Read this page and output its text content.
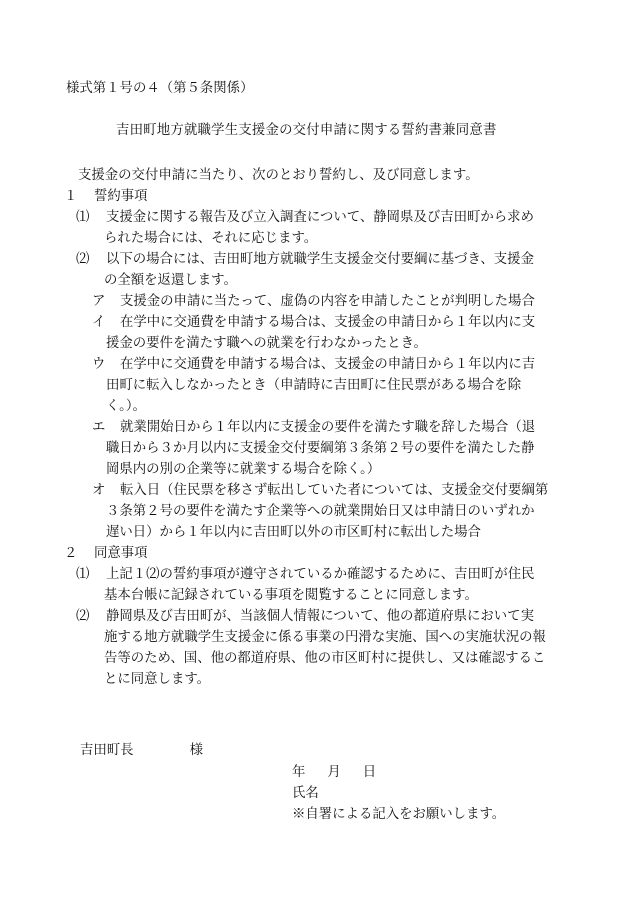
様式第１号の４（第５条関係）
吉田町地方就職学生支援金の交付申請に関する誓約書兼同意書

支援金の交付申請に当たり、次のとおり誓約し、及び同意します。

１ 誓約事項

⑴	支援金に関する報告及び立入調査について、静岡県及び吉田町から求め

られた場合には、それに応じます。

⑵	以下の場合には、吉田町地方就職学生支援金交付要綱に基づき、支援金

の全額を返還します。

ア	支援金の申請に当たって、虚偽の内容を申請したことが判明した場合
イ	在学中に交通費を申請する場合は、支援金の申請日から１年以内に支

援金の要件を満たす職への就業を行わなかったとき。

ウ	在学中に交通費を申請する場合は、支援金の申請日から１年以内に吉

田町に転入しなかったとき（申請時に吉田町に住民票がある場合を除

く。）。

エ	就業開始日から１年以内に支援金の要件を満たす職を辞した場合（退

職日から３か月以内に支援金交付要綱第３条第２号の要件を満たした静

岡県内の別の企業等に就業する場合を除く。）

オ	転入日（住民票を移さず転出していた者については、支援金交付要綱第

３条第２号の要件を満たす企業等への就業開始日又は申請日のいずれか

遅い日）から１年以内に吉田町以外の市区町村に転出した場合

２ 同意事項

⑴	上記１⑵の誓約事項が遵守されているか確認するために、吉田町が住民

基本台帳に記録されている事項を閲覧することに同意します。

⑵	静岡県及び吉田町が、当該個人情報について、他の都道府県において実

施する地方就職学生支援金に係る事業の円滑な実施、国への実施状況の報

告等のため、国、他の都道府県、他の市区町村に提供し、又は確認するこ

とに同意します。

吉田町長	様

年 月 日

氏名

※自署による記入をお願いします。
